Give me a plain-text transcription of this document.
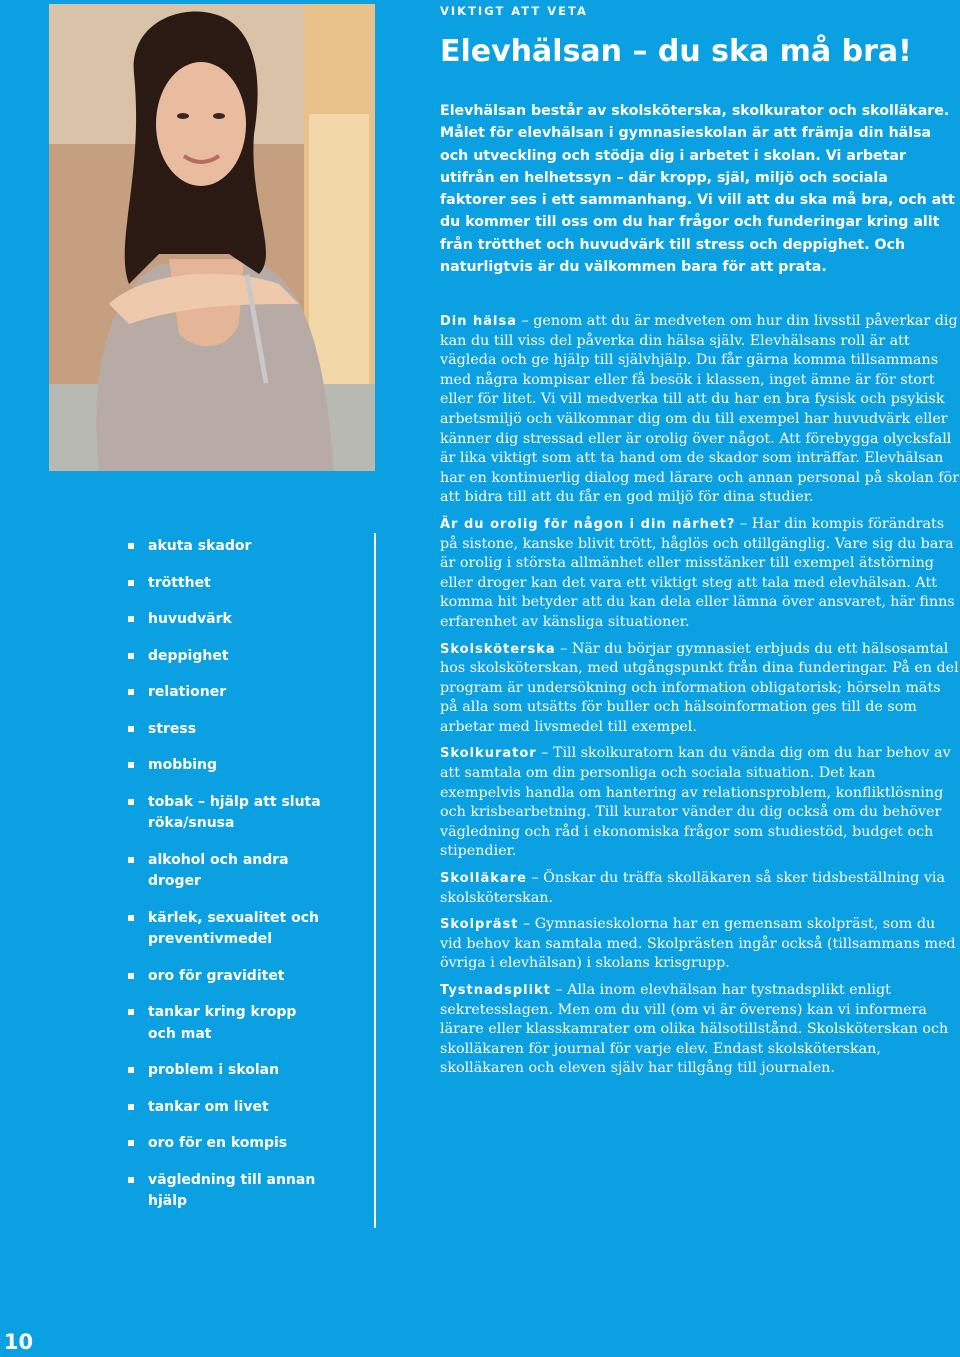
VIKTIGT ATT VETA
Elevhälsan – du ska må bra!

Elevhälsan består av skolsköterska, skolkurator och skolläkare. Målet för elevhälsan i gymnasieskolan är att främja din hälsa och utveckling och stödja dig i arbetet i skolan. Vi arbetar utifrån en helhetssyn – där kropp, själ, miljö och sociala faktorer ses i ett sammanhang. Vi vill att du ska må bra, och att du kommer till oss om du har frågor och funderingar kring allt från trötthet och huvudvärk till stress och deppighet. Och naturligtvis är du välkommen bara för att prata.

Din hälsa – genom att du är medveten om hur din livsstil påverkar dig kan du till viss del påverka din hälsa själv. Elevhälsans roll är att vägleda och ge hjälp till självhjälp. Du får gärna komma tillsammans med några kompisar eller få besök i klassen, inget ämne är för stort eller för litet. Vi vill medverka till att du har en bra fysisk och psykisk arbetsmiljö och välkomnar dig om du till exempel har huvudvärk eller känner dig stressad eller är orolig över något. Att förebygga olycksfall är lika viktigt som att ta hand om de skador som inträffar. Elevhälsan har en kontinuerlig dialog med lärare och annan personal på skolan för att bidra till att du får en god miljö för dina studier.

Är du orolig för någon i din närhet? – Har din kompis förändrats på sistone, kanske blivit trött, håglös och otillgänglig. Vare sig du bara är orolig i största allmänhet eller misstänker till exempel ätstörning eller droger kan det vara ett viktigt steg att tala med elevhälsan. Att komma hit betyder att du kan dela eller lämna över ansvaret, här finns erfarenhet av känsliga situationer.

Skolsköterska – När du börjar gymnasiet erbjuds du ett hälsosamtal hos skolsköterskan, med utgångspunkt från dina funderingar. På en del program är undersökning och information obligatorisk; hörseln mäts på alla som utsätts för buller och hälsoinformation ges till de som arbetar med livsmedel till exempel.

Skolkurator – Till skolkuratorn kan du vända dig om du har behov av att samtala om din personliga och sociala situation. Det kan exempelvis handla om hantering av relationsproblem, konfliktlösning och krisbearbetning. Till kurator vänder du dig också om du behöver vägledning och råd i ekonomiska frågor som studiestöd, budget och stipendier.

Skolläkare – Önskar du träffa skolläkaren så sker tidsbeställning via skolsköterskan.

Skolpräst – Gymnasieskolorna har en gemensam skolpräst, som du vid behov kan samtala med. Skolprästen ingår också (tillsammans med övriga i elevhälsan) i skolans krisgrupp.

Tystnadsplikt – Alla inom elevhälsan har tystnadsplikt enligt sekretesslagen. Men om du vill (om vi är överens) kan vi informera lärare eller klasskamrater om olika hälsotillstånd. Skolsköterskan och skolläkaren för journal för varje elev. Endast skolsköterskan, skolläkaren och eleven själv har tillgång till journalen.

akuta skador
trötthet
huvudvärk
deppighet
relationer
stress
mobbing
tobak – hjälp att sluta röka/snusa
alkohol och andra droger
kärlek, sexualitet och preventivmedel
oro för graviditet
tankar kring kropp och mat
problem i skolan
tankar om livet
oro för en kompis
vägledning till annan hjälp
10
